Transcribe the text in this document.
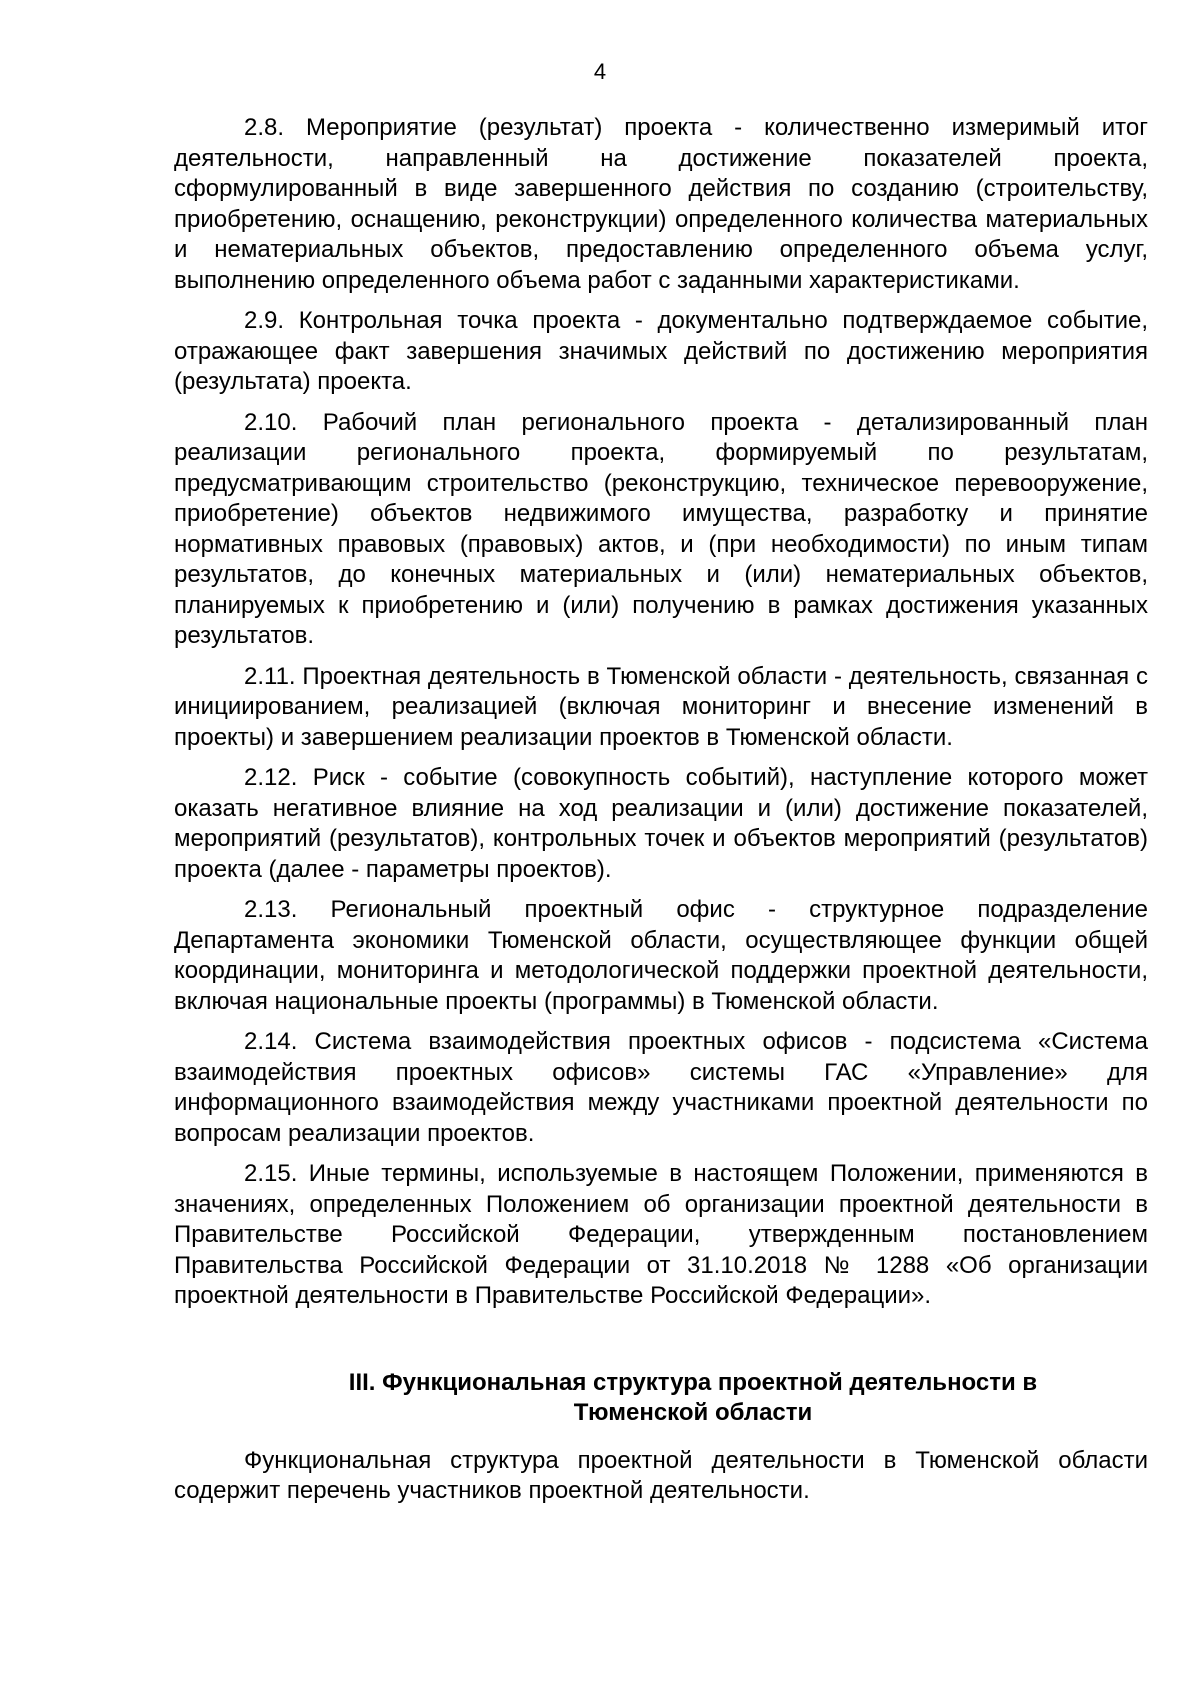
4

2.8. Мероприятие (результат) проекта - количественно измеримый итог деятельности, направленный на достижение показателей проекта, сформулированный в виде завершенного действия по созданию (строительству, приобретению, оснащению, реконструкции) определенного количества материальных и нематериальных объектов, предоставлению определенного объема услуг, выполнению определенного объема работ с заданными характеристиками.

2.9. Контрольная точка проекта - документально подтверждаемое событие, отражающее факт завершения значимых действий по достижению мероприятия (результата) проекта.

2.10. Рабочий план регионального проекта - детализированный план реализации регионального проекта, формируемый по результатам, предусматривающим строительство (реконструкцию, техническое перевооружение, приобретение) объектов недвижимого имущества, разработку и принятие нормативных правовых (правовых) актов, и (при необходимости) по иным типам результатов, до конечных материальных и (или) нематериальных объектов, планируемых к приобретению и (или) получению в рамках достижения указанных результатов.

2.11. Проектная деятельность в Тюменской области - деятельность, связанная с инициированием, реализацией (включая мониторинг и внесение изменений в проекты) и завершением реализации проектов в Тюменской области.

2.12. Риск - событие (совокупность событий), наступление которого может оказать негативное влияние на ход реализации и (или) достижение показателей, мероприятий (результатов), контрольных точек и объектов мероприятий (результатов) проекта (далее - параметры проектов).

2.13. Региональный проектный офис - структурное подразделение Департамента экономики Тюменской области, осуществляющее функции общей координации, мониторинга и методологической поддержки проектной деятельности, включая национальные проекты (программы) в Тюменской области.

2.14. Система взаимодействия проектных офисов - подсистема «Система взаимодействия проектных офисов» системы ГАС «Управление» для информационного взаимодействия между участниками проектной деятельности по вопросам реализации проектов.

2.15. Иные термины, используемые в настоящем Положении, применяются в значениях, определенных Положением об организации проектной деятельности в Правительстве Российской Федерации, утвержденным постановлением Правительства Российской Федерации от 31.10.2018 № 1288 «Об организации проектной деятельности в Правительстве Российской Федерации».

III. Функциональная структура проектной деятельности в
Тюменской области

Функциональная структура проектной деятельности в Тюменской области содержит перечень участников проектной деятельности.
